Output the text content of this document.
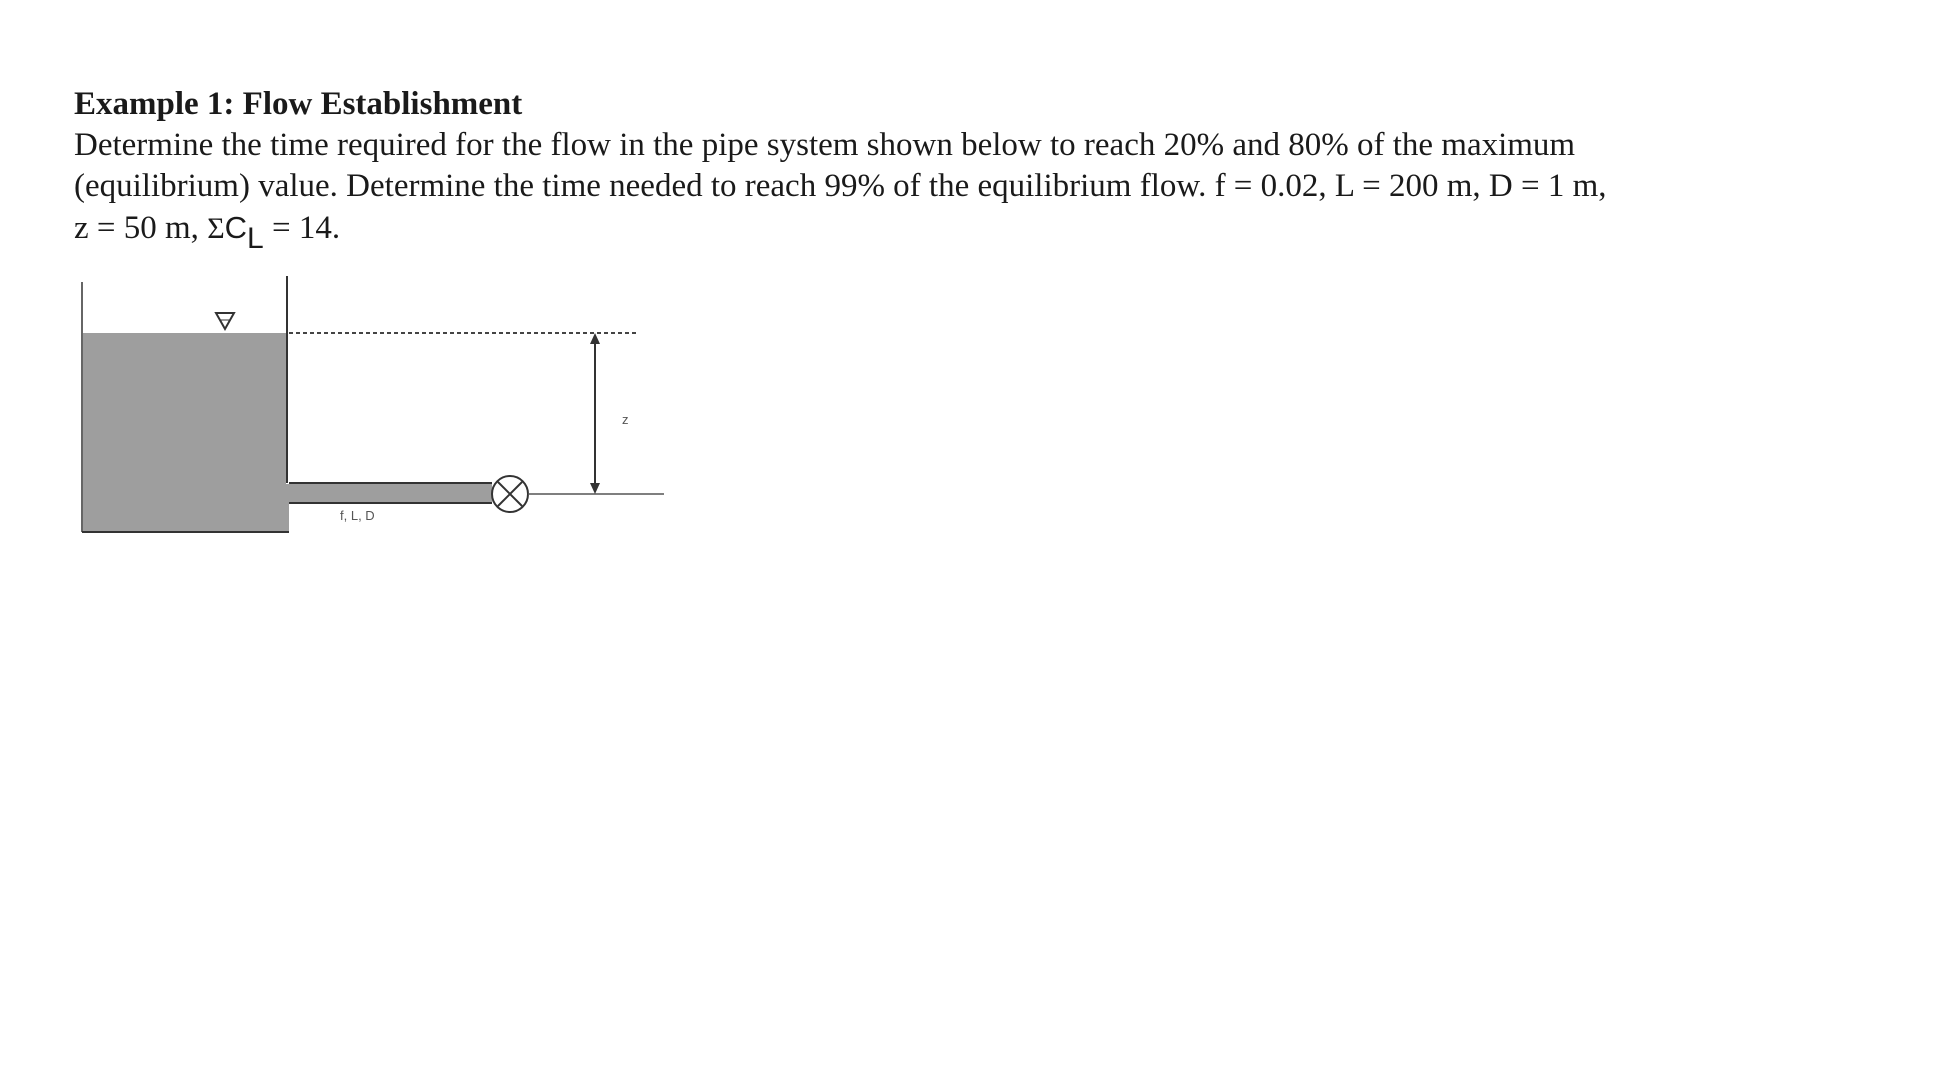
Example 1: Flow Establishment

Determine the time required for the flow in the pipe system shown below to reach 20% and 80% of the maximum

(equilibrium) value. Determine the time needed to reach 99% of the equilibrium flow. f = 0.02, L = 200 m, D = 1 m,

z = 50 m, ΣCL = 14.

z
f, L, D
